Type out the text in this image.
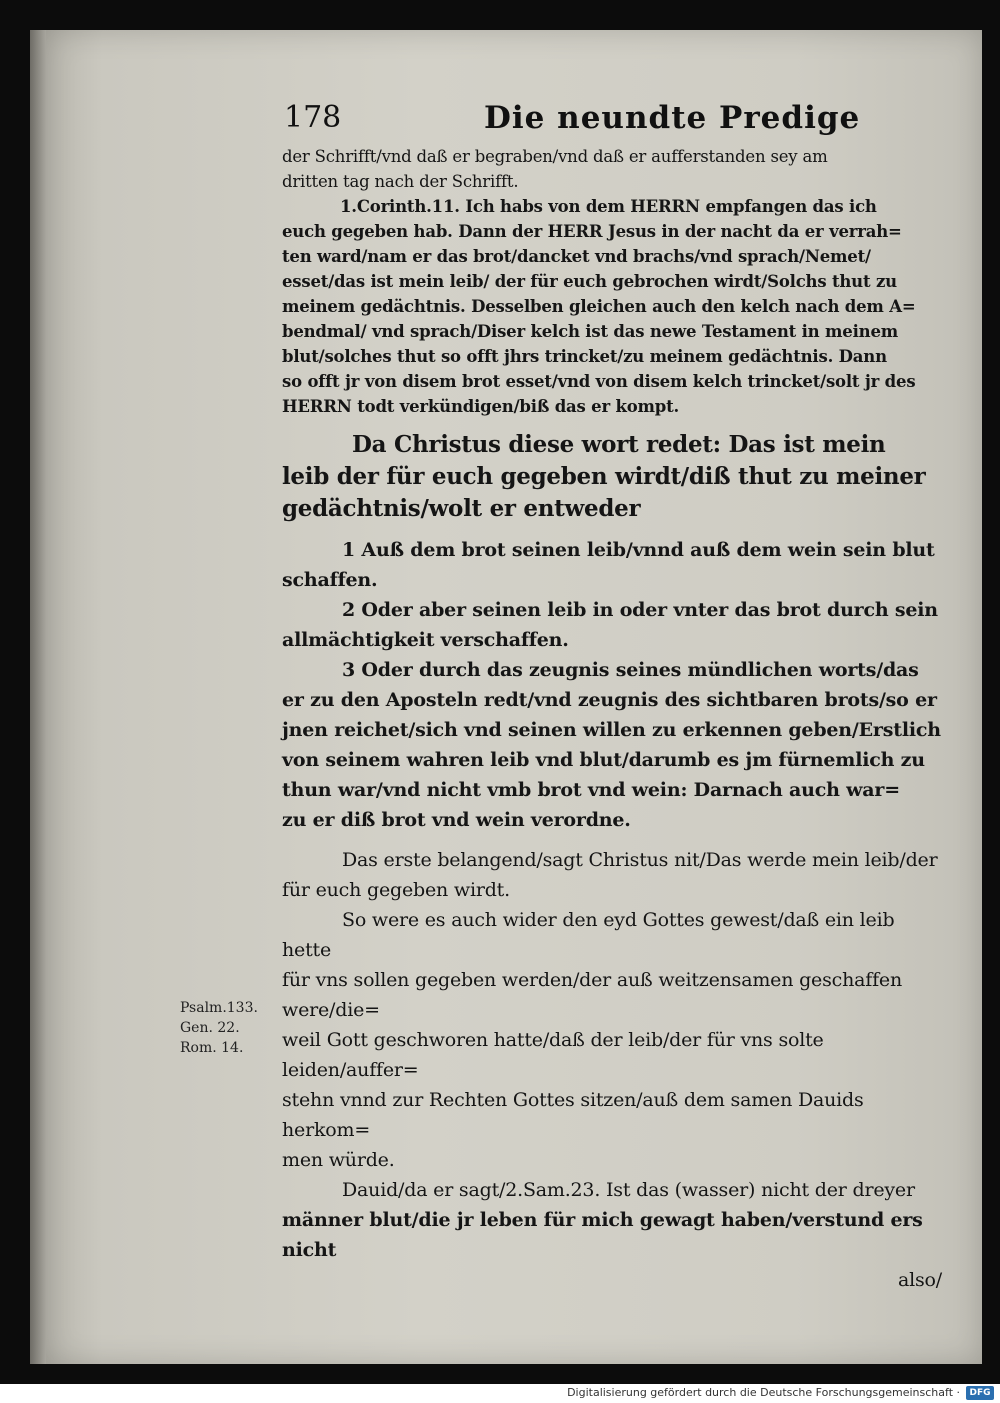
178	Die neundte Predige

der Schrifft/vnd daß er begraben/vnd daß er aufferstanden sey am

dritten tag nach der Schrifft.

1.Corinth.11. Ich habs von dem HERRN empfangen das ich

euch gegeben hab. Dann der HERR Jesus in der nacht da er verrah=

ten ward/nam er das brot/dancket vnd brachs/vnd sprach/Nemet/

esset/das ist mein leib/ der für euch gebrochen wirdt/Solchs thut zu

meinem gedächtnis. Desselben gleichen auch den kelch nach dem A=

bendmal/ vnd sprach/Diser kelch ist das newe Testament in meinem

blut/solches thut so offt jhrs trincket/zu meinem gedächtnis. Dann

so offt jr von disem brot esset/vnd von disem kelch trincket/solt jr des

HERRN todt verkündigen/biß das er kompt.

Da Christus diese wort redet: Das ist mein

leib der für euch gegeben wirdt/diß thut zu meiner

gedächtnis/wolt er entweder

1 Auß dem brot seinen leib/vnnd auß dem wein sein blut

schaffen.

2 Oder aber seinen leib in oder vnter das brot durch sein

allmächtigkeit verschaffen.

3 Oder durch das zeugnis seines mündlichen worts/das

er zu den Aposteln redt/vnd zeugnis des sichtbaren brots/so er

jnen reichet/sich vnd seinen willen zu erkennen geben/Erstlich

von seinem wahren leib vnd blut/darumb es jm fürnemlich zu

thun war/vnd nicht vmb brot vnd wein: Darnach auch war=

zu er diß brot vnd wein verordne.

Das erste belangend/sagt Christus nit/Das werde mein leib/der

für euch gegeben wirdt.

So were es auch wider den eyd Gottes gewest/daß ein leib hette

für vns sollen gegeben werden/der auß weitzensamen geschaffen were/die=

weil Gott geschworen hatte/daß der leib/der für vns solte leiden/auffer=

stehn vnnd zur Rechten Gottes sitzen/auß dem samen Dauids herkom=

men würde.

Dauid/da er sagt/2.Sam.23. Ist das (wasser) nicht der dreyer

männer blut/die jr leben für mich gewagt haben/verstund ers nicht

also/

Psalm.133.
Gen. 22.
Rom. 14.
Digitalisierung gefördert durch die Deutsche Forschungsgemeinschaft ·	DFG
